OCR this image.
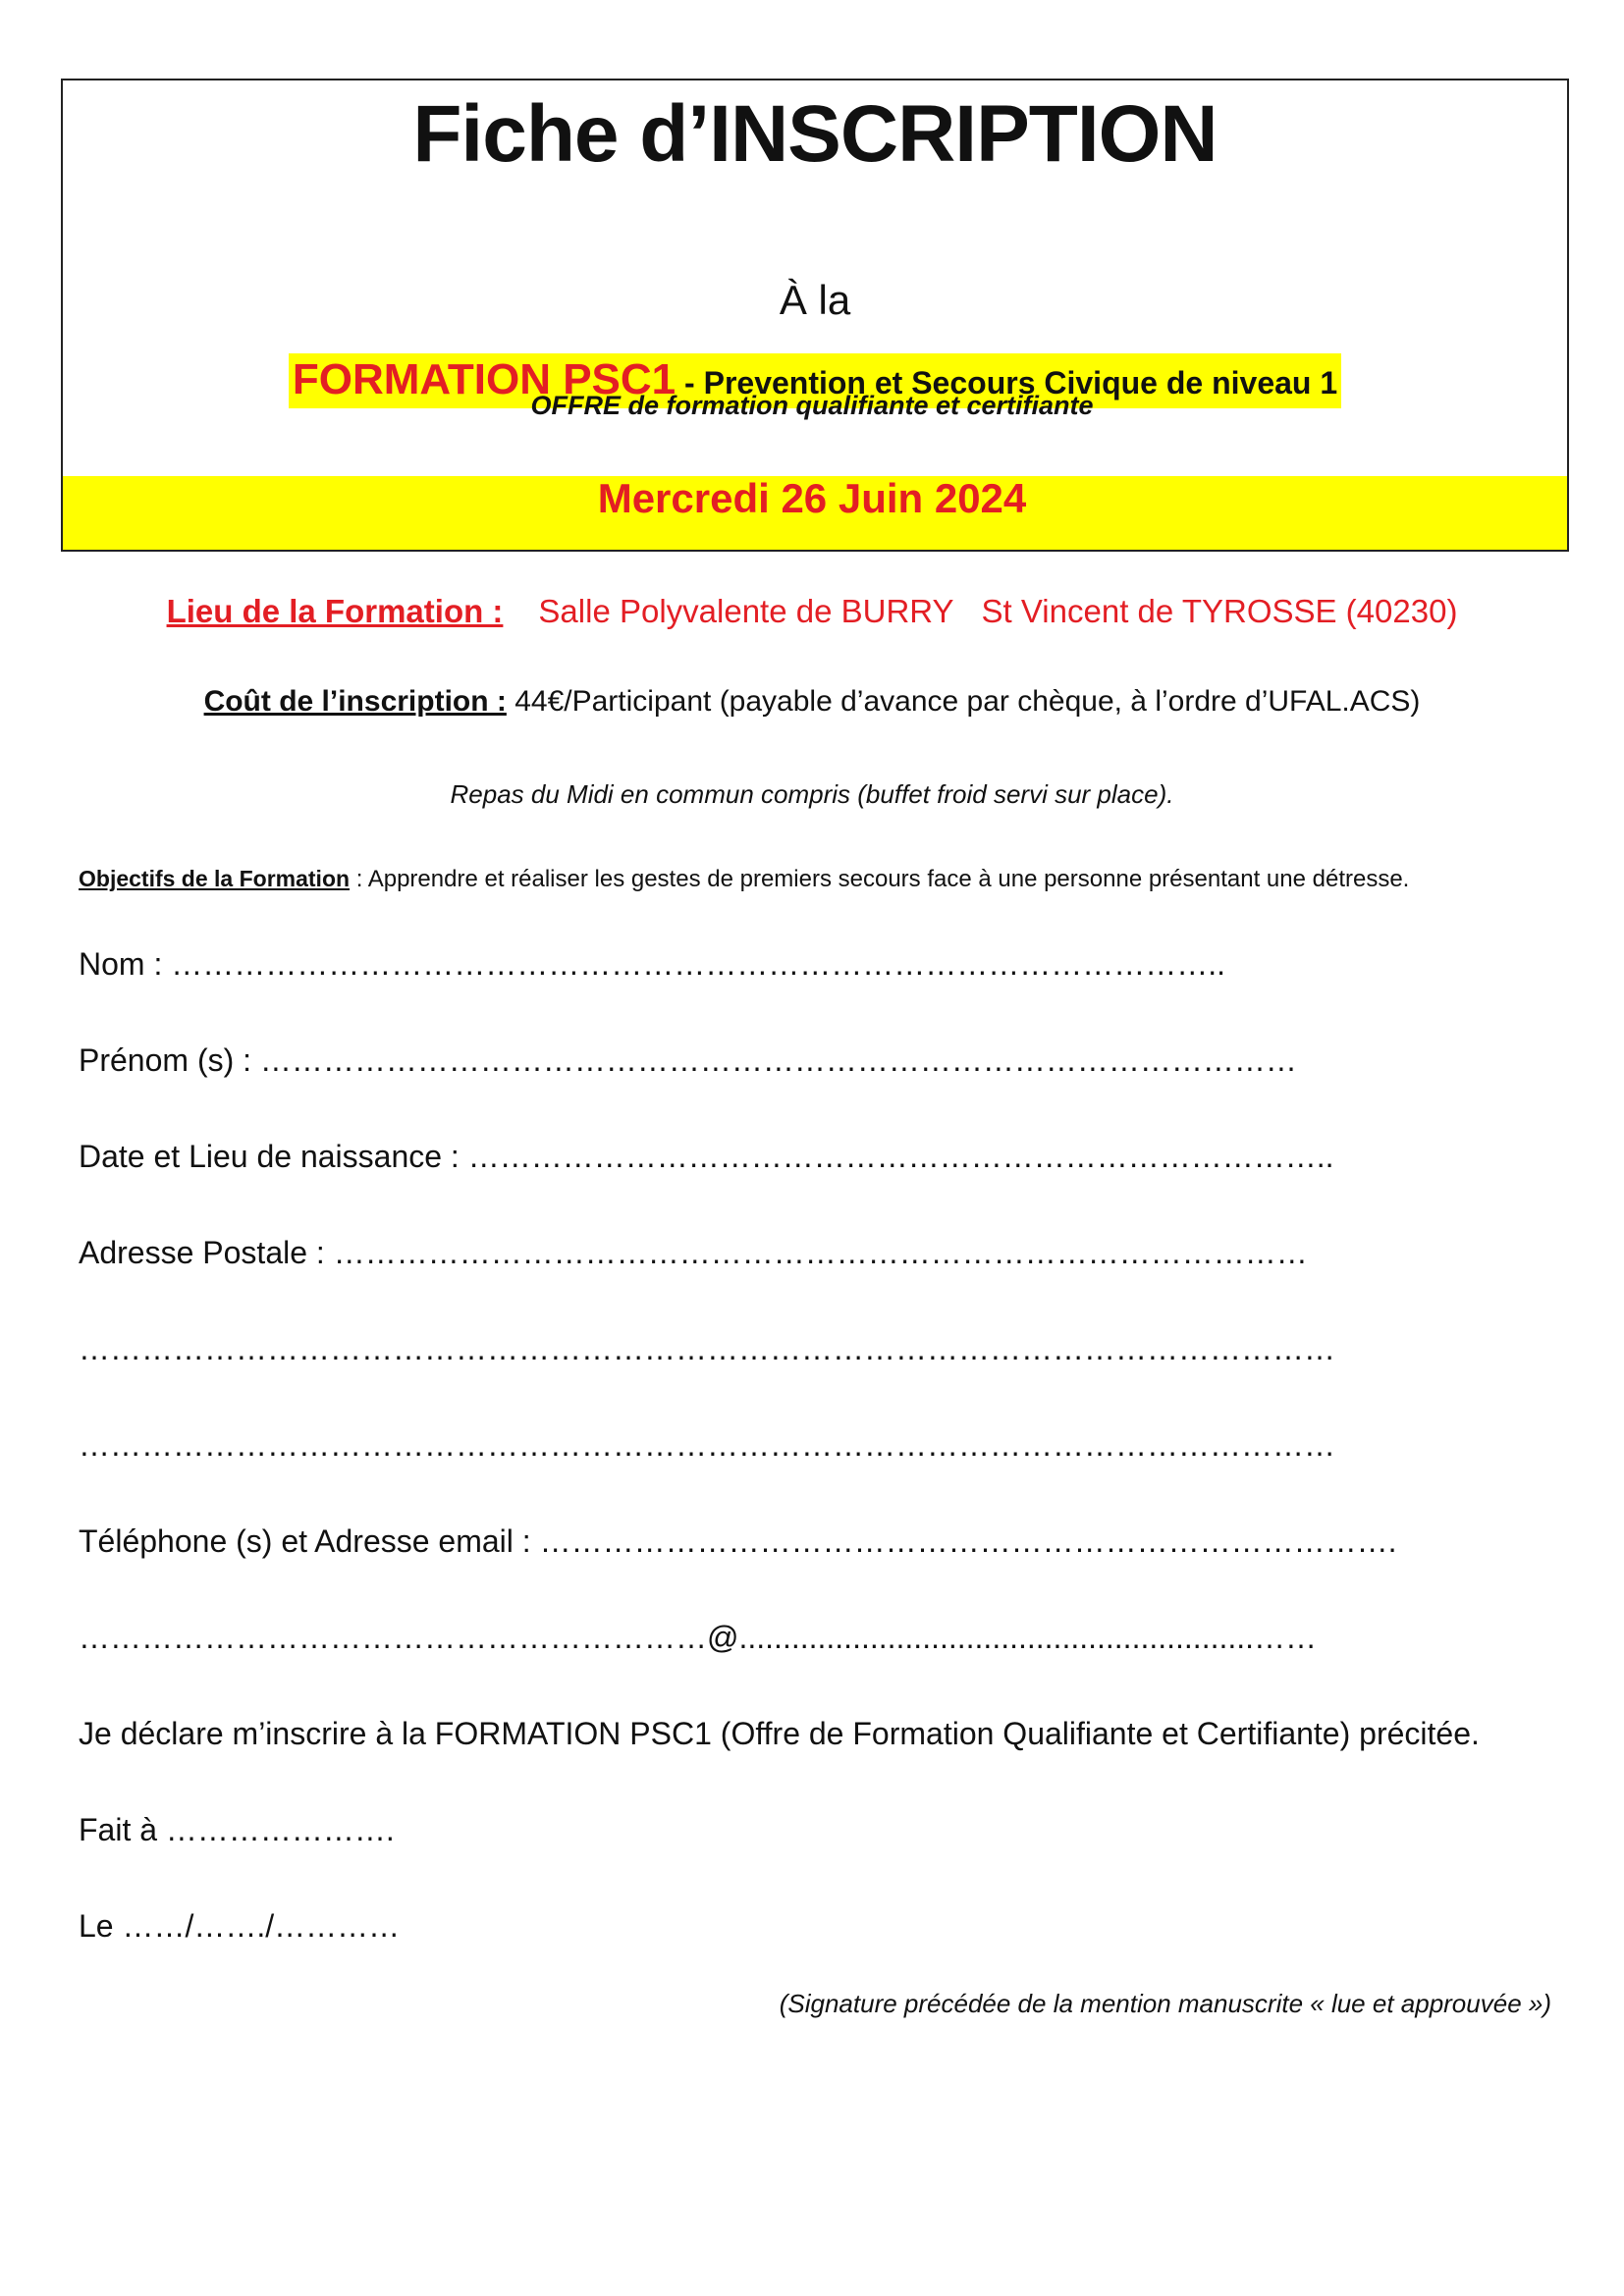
Fiche d’INSCRIPTION
À la
FORMATION PSC1 - Prevention et Secours Civique de niveau 1
OFFRE de formation qualifiante et certifiante
Mercredi 26 Juin 2024
Lieu de la Formation : Salle Polyvalente de BURRY St Vincent de TYROSSE (40230)
Coût de l’inscription : 44€/Participant (payable d’avance par chèque, à l’ordre d’UFAL.ACS)
Repas du Midi en commun compris (buffet froid servi sur place).
Objectifs de la Formation : Apprendre et réaliser les gestes de premiers secours face à une personne présentant une détresse.
Nom : ………………………………………………………………………………………..
Prénom (s) : ………………………………………………………………………………………
Date et Lieu de naissance : ………………………………………………………………………..
Adresse Postale : …………………………………………………………………………………
…………………………………………………………………………………………………………
…………………………………………………………………………………………………………
Téléphone (s) et Adresse email : ……………………………………………………………………….
……………………………………………………@...........................................................……
Je déclare m’inscrire à la FORMATION PSC1 (Offre de Formation Qualifiante et Certifiante) précitée.
Fait à ………………….
Le ……/……./…………
(Signature précédée de la mention manuscrite « lue et approuvée »)
